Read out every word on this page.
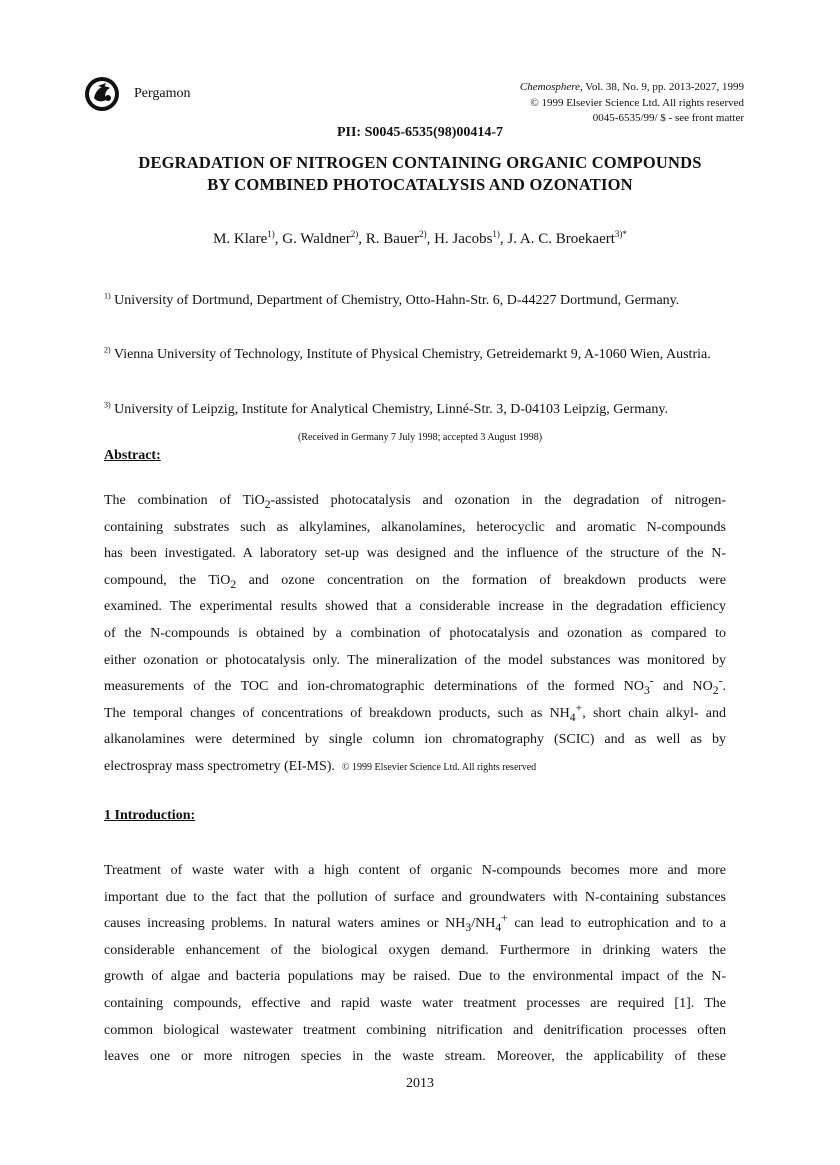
Pergamon	Chemosphere, Vol. 38, No. 9, pp. 2013-2027, 1999
© 1999 Elsevier Science Ltd. All rights reserved
0045-6535/99/ $ - see front matter
PII: S0045-6535(98)00414-7
DEGRADATION OF NITROGEN CONTAINING ORGANIC COMPOUNDS
BY COMBINED PHOTOCATALYSIS AND OZONATION
M. Klare$^{1)}$, G. Waldner$^{2)}$, R. Bauer$^{2)}$, H. Jacobs$^{1)}$, J. A. C. Broekaert$^{3)*}$
$^{1)}$ University of Dortmund, Department of Chemistry, Otto-Hahn-Str. 6, D-44227 Dortmund, Germany.
$^{2)}$ Vienna University of Technology, Institute of Physical Chemistry, Getreidemarkt 9, A-1060 Wien, Austria.
$^{3)}$ University of Leipzig, Institute for Analytical Chemistry, Linné-Str. 3, D-04103 Leipzig, Germany.
(Received in Germany 7 July 1998; accepted 3 August 1998)
Abstract:
The combination of TiO$_2$-assisted photocatalysis and ozonation in the degradation of nitrogen-
containing substrates such as alkylamines, alkanolamines, heterocyclic and aromatic N-compounds
has been investigated. A laboratory set-up was designed and the influence of the structure of the N-
compound, the TiO$_2$ and ozone concentration on the formation of breakdown products were
examined. The experimental results showed that a considerable increase in the degradation efficiency
of the N-compounds is obtained by a combination of photocatalysis and ozonation as compared to
either ozonation or photocatalysis only. The mineralization of the model substances was monitored by
measurements of the TOC and ion-chromatographic determinations of the formed $NO_3^-$ and $NO_2^-$.
The temporal changes of concentrations of breakdown products, such as $NH_4^+$, short chain alkyl- and
alkanolamines were determined by single column ion chromatography (SCIC) and as well as by
electrospray mass spectrometry (EI-MS). © 1999 Elsevier Science Ltd. All rights reserved
1 Introduction:
Treatment of waste water with a high content of organic N-compounds becomes more and more
important due to the fact that the pollution of surface and groundwaters with N-containing substances
causes increasing problems. In natural waters amines or $NH_3/NH_4^+$ can lead to eutrophication and to a
considerable enhancement of the biological oxygen demand. Furthermore in drinking waters the
growth of algae and bacteria populations may be raised. Due to the environmental impact of the N-
containing compounds, effective and rapid waste water treatment processes are required [1]. The
common biological wastewater treatment combining nitrification and denitrification processes often
leaves one or more nitrogen species in the waste stream. Moreover, the applicability of these
2013
